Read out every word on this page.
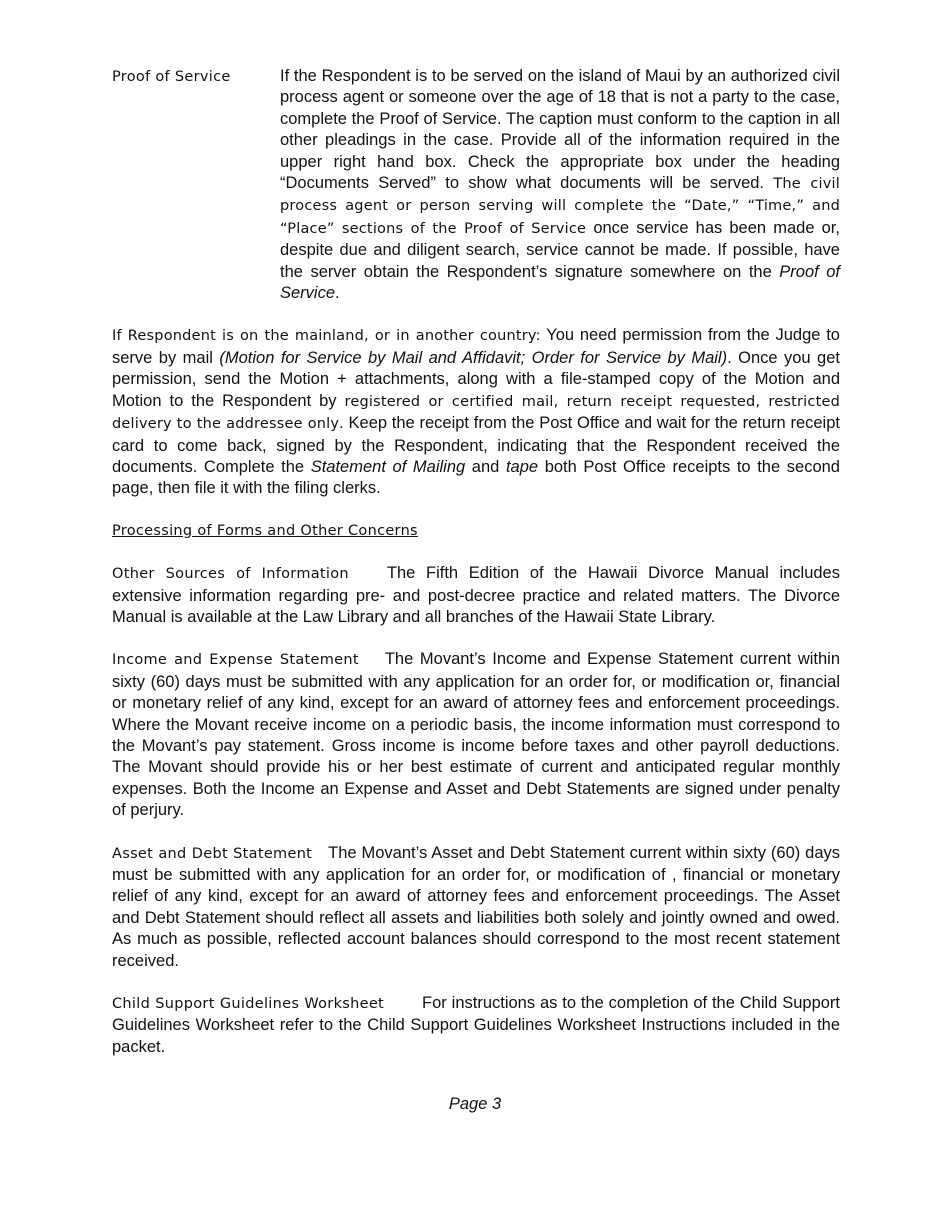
Proof of Service	If the Respondent is to be served on the island of Maui by an authorized civil process agent or someone over the age of 18 that is not a party to the case, complete the Proof of Service. The caption must conform to the caption in all other pleadings in the case. Provide all of the information required in the upper right hand box. Check the appropriate box under the heading “Documents Served” to show what documents will be served. The civil process agent or person serving will complete the “Date,” “Time,” and “Place” sections of the Proof of Service once service has been made or, despite due and diligent search, service cannot be made. If possible, have the server obtain the Respondent’s signature somewhere on the Proof of Service.
If Respondent is on the mainland, or in another country: You need permission from the Judge to serve by mail (Motion for Service by Mail and Affidavit; Order for Service by Mail). Once you get permission, send the Motion + attachments, along with a file-stamped copy of the Motion and Motion to the Respondent by registered or certified mail, return receipt requested, restricted delivery to the addressee only. Keep the receipt from the Post Office and wait for the return receipt card to come back, signed by the Respondent, indicating that the Respondent received the documents. Complete the Statement of Mailing and tape both Post Office receipts to the second page, then file it with the filing clerks.
Processing of Forms and Other Concerns
Other Sources of Information The Fifth Edition of the Hawaii Divorce Manual includes extensive information regarding pre- and post-decree practice and related matters. The Divorce Manual is available at the Law Library and all branches of the Hawaii State Library.
Income and Expense Statement The Movant’s Income and Expense Statement current within sixty (60) days must be submitted with any application for an order for, or modification or, financial or monetary relief of any kind, except for an award of attorney fees and enforcement proceedings. Where the Movant receive income on a periodic basis, the income information must correspond to the Movant’s pay statement. Gross income is income before taxes and other payroll deductions. The Movant should provide his or her best estimate of current and anticipated regular monthly expenses. Both the Income an Expense and Asset and Debt Statements are signed under penalty of perjury.
Asset and Debt Statement The Movant’s Asset and Debt Statement current within sixty (60) days must be submitted with any application for an order for, or modification of , financial or monetary relief of any kind, except for an award of attorney fees and enforcement proceedings. The Asset and Debt Statement should reflect all assets and liabilities both solely and jointly owned and owed. As much as possible, reflected account balances should correspond to the most recent statement received.
Child Support Guidelines Worksheet For instructions as to the completion of the Child Support Guidelines Worksheet refer to the Child Support Guidelines Worksheet Instructions included in the packet.
Page 3
